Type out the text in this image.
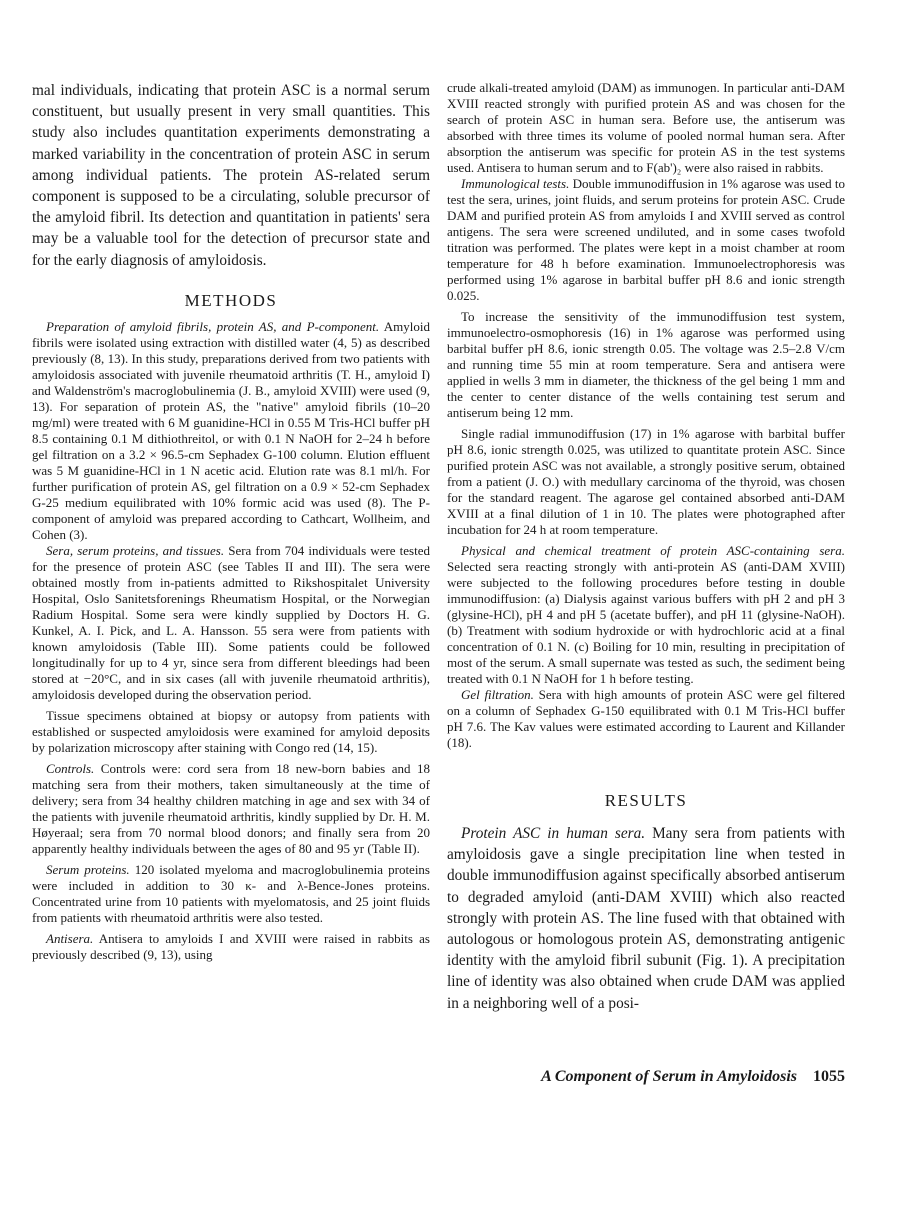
mal individuals, indicating that protein ASC is a normal serum constituent, but usually present in very small quantities. This study also includes quantitation experiments demonstrating a marked variability in the concentration of protein ASC in serum among individual patients. The protein AS-related serum component is supposed to be a circulating, soluble precursor of the amyloid fibril. Its detection and quantitation in patients' sera may be a valuable tool for the detection of precursor state and for the early diagnosis of amyloidosis.

METHODS

Preparation of amyloid fibrils, protein AS, and P-component. Amyloid fibrils were isolated using extraction with distilled water (4, 5) as described previously (8, 13). In this study, preparations derived from two patients with amyloidosis associated with juvenile rheumatoid arthritis (T. H., amyloid I) and Waldenström's macroglobulinemia (J. B., amyloid XVIII) were used (9, 13). For separation of protein AS, the "native" amyloid fibrils (10–20 mg/ml) were treated with 6 M guanidine-HCl in 0.55 M Tris-HCl buffer pH 8.5 containing 0.1 M dithiothreitol, or with 0.1 N NaOH for 2–24 h before gel filtration on a 3.2 × 96.5-cm Sephadex G-100 column. Elution effluent was 5 M guanidine-HCl in 1 N acetic acid. Elution rate was 8.1 ml/h. For further purification of protein AS, gel filtration on a 0.9 × 52-cm Sephadex G-25 medium equilibrated with 10% formic acid was used (8). The P-component of amyloid was prepared according to Cathcart, Wollheim, and Cohen (3).

Sera, serum proteins, and tissues. Sera from 704 individuals were tested for the presence of protein ASC (see Tables II and III). The sera were obtained mostly from in-patients admitted to Rikshospitalet University Hospital, Oslo Sanitetsforenings Rheumatism Hospital, or the Norwegian Radium Hospital. Some sera were kindly supplied by Doctors H. G. Kunkel, A. I. Pick, and L. A. Hansson. 55 sera were from patients with known amyloidosis (Table III). Some patients could be followed longitudinally for up to 4 yr, since sera from different bleedings had been stored at −20°C, and in six cases (all with juvenile rheumatoid arthritis), amyloidosis developed during the observation period.

Tissue specimens obtained at biopsy or autopsy from patients with established or suspected amyloidosis were examined for amyloid deposits by polarization microscopy after staining with Congo red (14, 15).

Controls. Controls were: cord sera from 18 new-born babies and 18 matching sera from their mothers, taken simultaneously at the time of delivery; sera from 34 healthy children matching in age and sex with 34 of the patients with juvenile rheumatoid arthritis, kindly supplied by Dr. H. M. Høyeraal; sera from 70 normal blood donors; and finally sera from 20 apparently healthy individuals between the ages of 80 and 95 yr (Table II).

Serum proteins. 120 isolated myeloma and macroglobulinemia proteins were included in addition to 30 κ- and λ-Bence-Jones proteins. Concentrated urine from 10 patients with myelomatosis, and 25 joint fluids from patients with rheumatoid arthritis were also tested.

Antisera. Antisera to amyloids I and XVIII were raised in rabbits as previously described (9, 13), using

crude alkali-treated amyloid (DAM) as immunogen. In particular anti-DAM XVIII reacted strongly with purified protein AS and was chosen for the search of protein ASC in human sera. Before use, the antiserum was absorbed with three times its volume of pooled normal human sera. After absorption the antiserum was specific for protein AS in the test systems used. Antisera to human serum and to F(ab')₂ were also raised in rabbits.

Immunological tests. Double immunodiffusion in 1% agarose was used to test the sera, urines, joint fluids, and serum proteins for protein ASC. Crude DAM and purified protein AS from amyloids I and XVIII served as control antigens. The sera were screened undiluted, and in some cases twofold titration was performed. The plates were kept in a moist chamber at room temperature for 48 h before examination. Immunoelectrophoresis was performed using 1% agarose in barbital buffer pH 8.6 and ionic strength 0.025.

To increase the sensitivity of the immunodiffusion test system, immunoelectro-osmophoresis (16) in 1% agarose was performed using barbital buffer pH 8.6, ionic strength 0.05. The voltage was 2.5–2.8 V/cm and running time 55 min at room temperature. Sera and antisera were applied in wells 3 mm in diameter, the thickness of the gel being 1 mm and the center to center distance of the wells containing test serum and antiserum being 12 mm.

Single radial immunodiffusion (17) in 1% agarose with barbital buffer pH 8.6, ionic strength 0.025, was utilized to quantitate protein ASC. Since purified protein ASC was not available, a strongly positive serum, obtained from a patient (J. O.) with medullary carcinoma of the thyroid, was chosen for the standard reagent. The agarose gel contained absorbed anti-DAM XVIII at a final dilution of 1 in 10. The plates were photographed after incubation for 24 h at room temperature.

Physical and chemical treatment of protein ASC-containing sera. Selected sera reacting strongly with anti-protein AS (anti-DAM XVIII) were subjected to the following procedures before testing in double immunodiffusion: (a) Dialysis against various buffers with pH 2 and pH 3 (glysine-HCl), pH 4 and pH 5 (acetate buffer), and pH 11 (glysine-NaOH). (b) Treatment with sodium hydroxide or with hydrochloric acid at a final concentration of 0.1 N. (c) Boiling for 10 min, resulting in precipitation of most of the serum. A small supernate was tested as such, the sediment being treated with 0.1 N NaOH for 1 h before testing.

Gel filtration. Sera with high amounts of protein ASC were gel filtered on a column of Sephadex G-150 equilibrated with 0.1 M Tris-HCl buffer pH 7.6. The Kav values were estimated according to Laurent and Killander (18).

RESULTS

Protein ASC in human sera. Many sera from patients with amyloidosis gave a single precipitation line when tested in double immunodiffusion against specifically absorbed antiserum to degraded amyloid (anti-DAM XVIII) which also reacted strongly with protein AS. The line fused with that obtained with autologous or homologous protein AS, demonstrating antigenic identity with the amyloid fibril subunit (Fig. 1). A precipitation line of identity was also obtained when crude DAM was applied in a neighboring well of a posi-

A Component of Serum in Amyloidosis 1055
